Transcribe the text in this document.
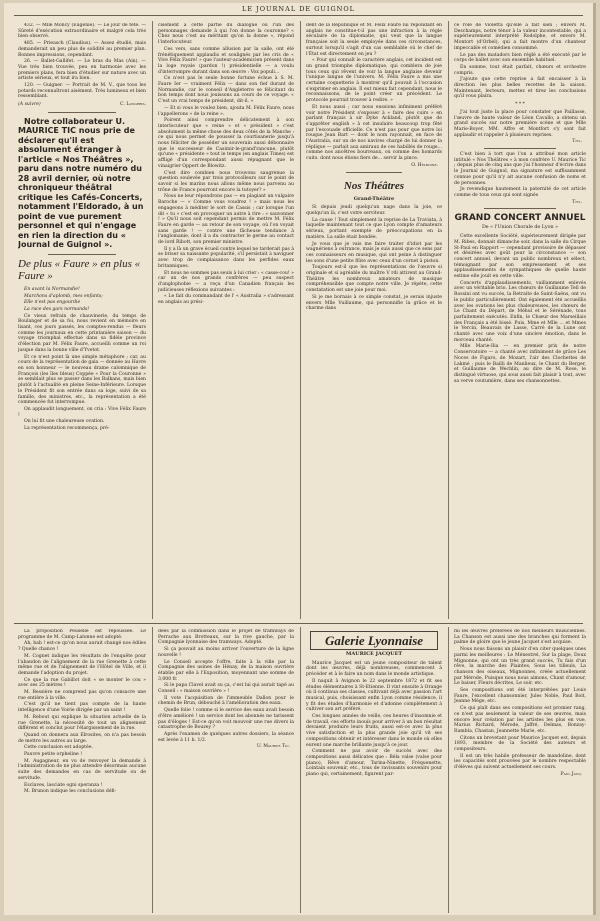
LE JOURNAL DE GUIGNOL

432. — Mlle Moncy (Eugénie). — Le jour de fête. — Sûreté d'exécution extraordinaire et malgré cela très bien observé.

485. — Prieasch (Claudius). — Assez étudié, mais demanderait un peu plus de solidité au premier plan. Bonnes impressions, cependant.

26. — Ballet-Gallifet. — Le bras du Mas (Ain). — Vue très bien trouvée, peu en harmonie avec les premiers plans, fera bien d'étudier sur nature avec un artiste sérieux, et tout ira bien.

120. — Guigner. — Portrait de M. V., que tous les potards reconnaîtront aisément. Très lumineux et bien ressemblant.

(A suivre)	C. Longeris.

Notre collaborateur U. MAURICE TIC nous prie de déclarer qu'il est absolument étranger à l'article « Nos Théâtres », paru dans notre numéro du 28 avril dernier, où notre chroniqueur théâtral critique les Cafés-Concerts, notamment l'Eldorado, à un point de vue purement personnel et qui n'engage en rien la direction du « Journal de Guignol ».

De plus « Faure » en plus « Faure »

En avant la Normandie!

Marchons d'aplomb, mes enfants;

Elle n'est pas engourdie

La race des gars normands!

Ce vieux refrain de chauvinerie, du temps de Boulanger et de sa foi, nous revient en mémoire en lisant, ces jours passés, les comptes-rendus — fleurs comme les journaux en cette printanière saison — du voyage triomphal effectué dans sa fidèle province d'élection par M. Félix Faure, accueilli comme un roi jusque dans la bonne ville d'Yvetot.

Et ce n'est point là une simple métaphore ; car, au cours de la représentation de gala — donnée au Havre en son honneur — le nouveau drame calomnique de François (les îles bleus) Coppée « Pour la Couronne » se semblait plus se passer dans les Balkans, mais bien plutôt à l'actualité en pleine Seine-Inférieure. Lorsque le Président fit son entrée dans sa loge, suivi de sa famille, des ministres, etc., la représentation a été commencée fut interrompue.

On applaudit longuement, on cria : Vive Félix Faure !

On lui fit une chaleureuse ovation.

La représentation recommença, pré-

cisément à cette partie du dialogue où l'un des personnages demande à qui l'on donne la couronne? « Chez nous c'est au méritant qu'on la donne », répond l'interlocuteur.

Ces vers, sans comme allusion par la salle, ont été frénétiquement applaudis et soulignés par les cris de « Vive Félix Faure! » que l'auteur-académicien présent dans la loge royale (pardon !) présidentielle — a voulu d'interrompre durant dans son œuvre : Vox populi...

Ce n'est pas le seule bonne fortune échue à S. M. Faure Ier — vraiment Félix — dans son fief durant de Normandie, car le conseil d'Angleterre se félicitant du bon temps dont nous jouissons au cours de ce voyage. « C'est un vrai temps de président, dit-il. »

— Et si vous le voulez bien, ajouta M. Félix Faure, nous l'appellerons « de la reine ».

Poirent ainsi comprendre délicatement à son interlocuteur que « reine » et « président » c'est absolument la même chose des deux côtés de la Manche : ce qui nous permet de pousser la courtisanerie jusqu'à nous féliciter de posséder un souverain aussi débonnaire que le successeur de Casimir-le-grand'rancune, plutôt qu'une « présidente » tout le temps (en anglais Times) est affligé d'un correspondant aussi répugnant que le vinaigrier Oppert de Blowitz.

C'est dire combien nous trouvons saugrenue la question soulevée par trois protocolleurs sur le point de savoir si les marins nous allons même nous parvenu au trône de France pourront encore la tutoyer? »

Nous ne leur répondrons pas — en plagiant un vulgaire Baroche — « Comme vous voudrez ! » mais nous les engageons à méditer le sort de Cassis ; car lorsque l'un dit « tu » c'est en provoquer un autre à rire : « sauvonner ! » Qu'il nous soit cependant permis de mettre M. Félix Faure en garde — au retour de son voyage, où l'on voyait sans garde ! — contre une fâcheuse tendance à l'anglomanie, dont il a du contracter le germe au contact de lord Ribott, son premier ministre.

Il y a là un grave écueil contre lequel ne tarderait pas à se briser sa naissante popularité, s'il persistait à naviguer avec trop de complaisance dans les perfides eaux britanniques.

Et nous ne sommes pas seuls à lui crier : « casse-cou! » car un de nos grands confrères — peu suspect d'anglophobie — a reçu d'un Canadien français les judicieuses réflexions suivantes :

« Le fait du commandant de l' « Australia » s'adressant en anglais au prési-

dent de la République et M. Félix Faure lui répondant en anglais ne constitue-t-il pas une infraction à la règle séculaire de la diplomatie, qui veut que la langue française soit la seule employée dans ces circonstances, surtout lorsqu'il s'agit d'un cas semblable où le chef de l'État est directement en jeu ?

« Pour qui connaît le caractère anglais, cet incident est un grand triomphe diplomatique, qui comblera de joie tous ceux qui rêvent de voir la langue anglaise devenir l'unique langue de l'univers. M. Félix Faure a mis une certaine coquetterie à montrer qu'il pouvait à l'occasion s'exprimer en anglais. Il eut mieux fait cependant, nous le reconnaissons, de le point créer un précédent. Le protocole pourrait trouver à redire. »

Et nous aussi ; car nous eussions infiniment préféré voir notre Président s'exposer à « faire des cuirs » en parlant français à sir Dyke Ackland, plutôt que de s'apprêter english » à cet insulaire beaucoup trop fêté par l'escouade officielle. Ce n'est pas pour que notre loi rouque Jean Bart — dont le nom rayonnait, en face de l'Australia, sur un de nos navires chargé de lui donner la réplique — parlait aux amiraux de ces habillés de rouge... comme nos ancêtres bourreaux, ou comme des homards cuits. dont nous étions fiers de... servir la pince.

O. Hélboine.
Nos Théâtres
Grand-Théâtre

Si depuis jeudi quelqu'un nage dans la joie, ce quelqu'un là, c'est votre serviteur.

La cause ! Tout simplement la reprise de La Traviata, à laquelle maintenant tout ce que Lyon compte d'amateurs sérieux, portant exempte de préoccupations en la matière. La salle était bondée.

Je vous que je vais me faire traiter d'idiot par les wagnériens à outrance, mais je suis aussi que ce sens par ces connaisseurs en musique, qui ont peine à distinguer les sons d'une petite flûte avec ceux d'un cornet à piston.

Toujours est-il que les représentations de l'œuvre si originale et si agréable du maître V rdi attirent au Grand-Théâtre les nombreux amateurs de musique compréhensible que compte notre ville. Je répète, cette constatation est une joie pour moi.

Si je me bornais à ce simple constat, je serais injuste envers Mlle Vuillaume, qui personnifie la grâce et le charme dans

ce rôle de Violetta qu'elle a fait sien ; envers M. Deschamps, notre ténor à la valeur incontestable, qui a supérieurement interprété Rodolphe, et envers M. Montort (d'Orbel), qui a fait montre d'un chanteur impeccable et comédien consommé.

Le pas des matadors bien réglé a été exécuté par le corps de ballet avec son ensemble habituel.

En somme, tout était parfait, chœurs et orchestre compris.

J'ajoute que cette reprise a fait encaisser à la direction les plus belles recettes de la saison. Maintenant, lecteurs, mettez et tirez les conclusions qu'il vous plaira.

* * *

J'ai tout juste la place pour constater que Paillasse, l'œuvre de haute valeur de Léon Cavallo, a obtenu un grand succès sur notre première scène et que Mlle Marie-Boyer, MM. Affre et Montfort s'y sont fait applaudir et rappeler à plusieurs reprises.

Titl.

C'est bien à tort que l'on a attribué mon article intitulé « Nos Théâtres » à mon confrère U. Maurice Tic ; depuis plus de cinq ans que j'ai l'honneur d'écrire dans le Journal de Guignol, ma signature est suffisamment connue pour qu'il n'y ait aucune confusion de noms et de personnes.

Je revendique hautement la paternité de cet article comme de tous ceux qui sont signés

Titl.
GRAND CONCERT ANNUEL
De « l'Union Chorale de Lyon »

Cette excellente Société, supérieurement dirigée par M. Ribes, donnait dimanche soir, dans la salle du Cirque St-Paul en Rapport — cependant provisoire de dépasser et désirées avec goût pour la circonstance — son concert annuel, devant un public nombreux et sélect, témoignant par son empressement et ses applaudissements de sympathiques de quelle haute estime elle jouit en cette ville.

Concerts d'applaudissements, vaillamment enlevés avec un véritable brio. Les chœurs de Guillaume Tell de Rossini ont vu succès, la Retraite de Saint-Saëns, ont vu le public particulièrement. Ont également été accueillis avec les ovations les plus chaleureuses, les chœurs de Le Chant du Départ, de Méhul et le Sérénade, tous parfaitement exécutés. Enfin, le Chœur des Marseillais des Français a été bissé. Puis, Mme et Mlle ... et Mmes le Vercin, Beauvais de Lasse, Carré de la Lune ont chanté avec une voix d'une sincère émotion, dans le morceau chanté.

Mlle Marie-Ilia — en premier prix de notre Conservatoire — a chanté avec infiniment de grâce Les Noces de Figaro, de Mozart, l'air des Clochettes de Lakmé ; puis le Bailli de Manlieux, le Chant du Berger, et Guillaume de Wechlin, au dire de M. Rose, le distingué virtuose, qui sous aussi fait plaisir à tout, avec sa verve coutumière, dans ses chansonnettes.

La proposition Peuselle est repoussée. Le programme de M. Camp-Lalonne est adopté.

Ah, bah ! est-ce qu'on nous aurait changé nos édiles ? Quelle chance !

M. Cognet indique les résultats de l'enquête pour l'abandon de l'alignement de la rue Grenette à cette même rue et de l'alignement de l'Hôtel de Ville, et il demande l'adoption du projet.

Ce que la rue Gabillot doit « se monter le cou » avec ses 25 mètres !

M. Bessière ne comprend pas qu'on consacre une rue entière à la ville.

C'est qu'il ne tient pas compte de la haute intelligence d'une Voirie dirigée par un saint !

M. Rebout qui explique la situation actuelle de la rue Grenette, la nécessité de tout un alignement différent et conclut pour l'élargissement de la rue.

Quand on donnera aux Elrosites, on n'a pas besoin de mettre les autres au large.

Cette conclusion est adoptée.

Pauvre petite orpheline !

M. Augagneur, en vu de renvoyer la demande à l'administration de ne plus attendre désormais aucune suite des demandes en cas de servitude ou de servitude.

Esclaves, lasciate ogni speranza !

M. Brunon indique les conclusions défi-

dées par la commission dans le projet de tramways de Perrache aux Brotteaux, sur la rive gauche, par la Compagnie lyonnaise des tramways. Adopté.

Si ça pouvait au moins arriver l'ouverture de la ligne nouvelle !

Le Conseil accepte l'offre, faite à la ville par la Compagnie des usines de Hénay, de la maison ouvrière établie par elle à l'Exposition, moyennant une somme de 3,000 fr.

Si le papa Clavel avait su ça, c'est lui qui aurait tapé au Conseil : « maison ouvrière » !

Il vote l'acquisition de l'immeuble Dallon pour le chemin de Brun, débouché à l'amélioration des eaux.

Quelle folie ! comme si le service des eaux avait besoin d'être amélioré ! un service dont les abonnés ne tarissent pas d'éloges ! Est-ce qu'on voit mouvoir une rue divers la catastrophe de Bouzey ?

Après l'examen de quelques autres dossiers, la séance est levée à 11 h. 1/2.

U. Maurice Tic.
Galerie Lyonnaise
MAURICE JACQUET

Maurice Jacquet est un jeune compositeur de talent dont les œuvres, déjà nombreuses, commencent à précéder et à le faire un nom dans le monde artistique.

Il naquit à Avignon le 22 septembre 1872 et fit ses études élémentaires à St-Etienne. Il vint ensuite à Orange où il continua ses classes, cultivant déjà avec passion l'art musical, puis, choisissant enfin Lyon comme résidence, il y fit des études d'harmonie et d'adonne complètement à cultiver son art préféré.

Ces longues années de veille, ces heures d'insomnie et de travail, ces efforts inouïs pour arriver à un bon résultat devaient produire leurs fruits, aussi est-ce avec la plus vive satisfaction et la plus grande joie qu'il vit ses compositions obtenir et intéresser dans le monde où elles eurent une marche brillante jusqu'à ce jour.

Comment ne pas avoir de succès avec des compositions aussi délicates que : Béla valse (valse pour piano), Rêve d'amour, Tarina-Ninette, Fréquenette, Lointain souvenir, etc., tous de ravissants souvenirs pour piano qui, certainement, figurent par-

mi les œuvres préférées de nos meilleurs musiciennes. La Chanson est aussi une des branches qui forment la palme de gloire que le jeune Jacquet s'est acquise.

Nous nous faisons un plaisir d'en citer quelques unes parmi les meilleures : Le Ménestrel, Sur la plage, Doux Mignonne, qui ont un très grand succès, Tu fais d'un rêve, la marche des Plaintes, Sous les tilleuls, La chanson des oiseaux, Mignonnes, créée actuellement par Mérode, Puisque nous nous aimons, Chant d'amour, Le baiser, Fleurs décrites, Le soir, etc.

Ses compositions ont été interprétées par Louis Faure, l'excellent chansonnier, Jules Noble, Paul Boit, Jeanne Mége, etc.

Ce qui plaît dans ses compositions est promier rang, ce n'est pas seulement la valeur de ses œuvres, mais encore leur création par les artistes les plus en vue, Marius Richard, Mérode, Jaffré, Delmas, Bonzay-Rambla, Chastan, Jeannette Marie, etc.

Citons un brevetant pour Maurice Jacquet est, depuis 1893, membre de la Société des auteurs et compositeurs.

Il est un très habile professeur de mandoline, dont les capacités sont prouvées par le nombre respectable d'élèves qui suivent actuellement ses cours.

Paul Jacq.
